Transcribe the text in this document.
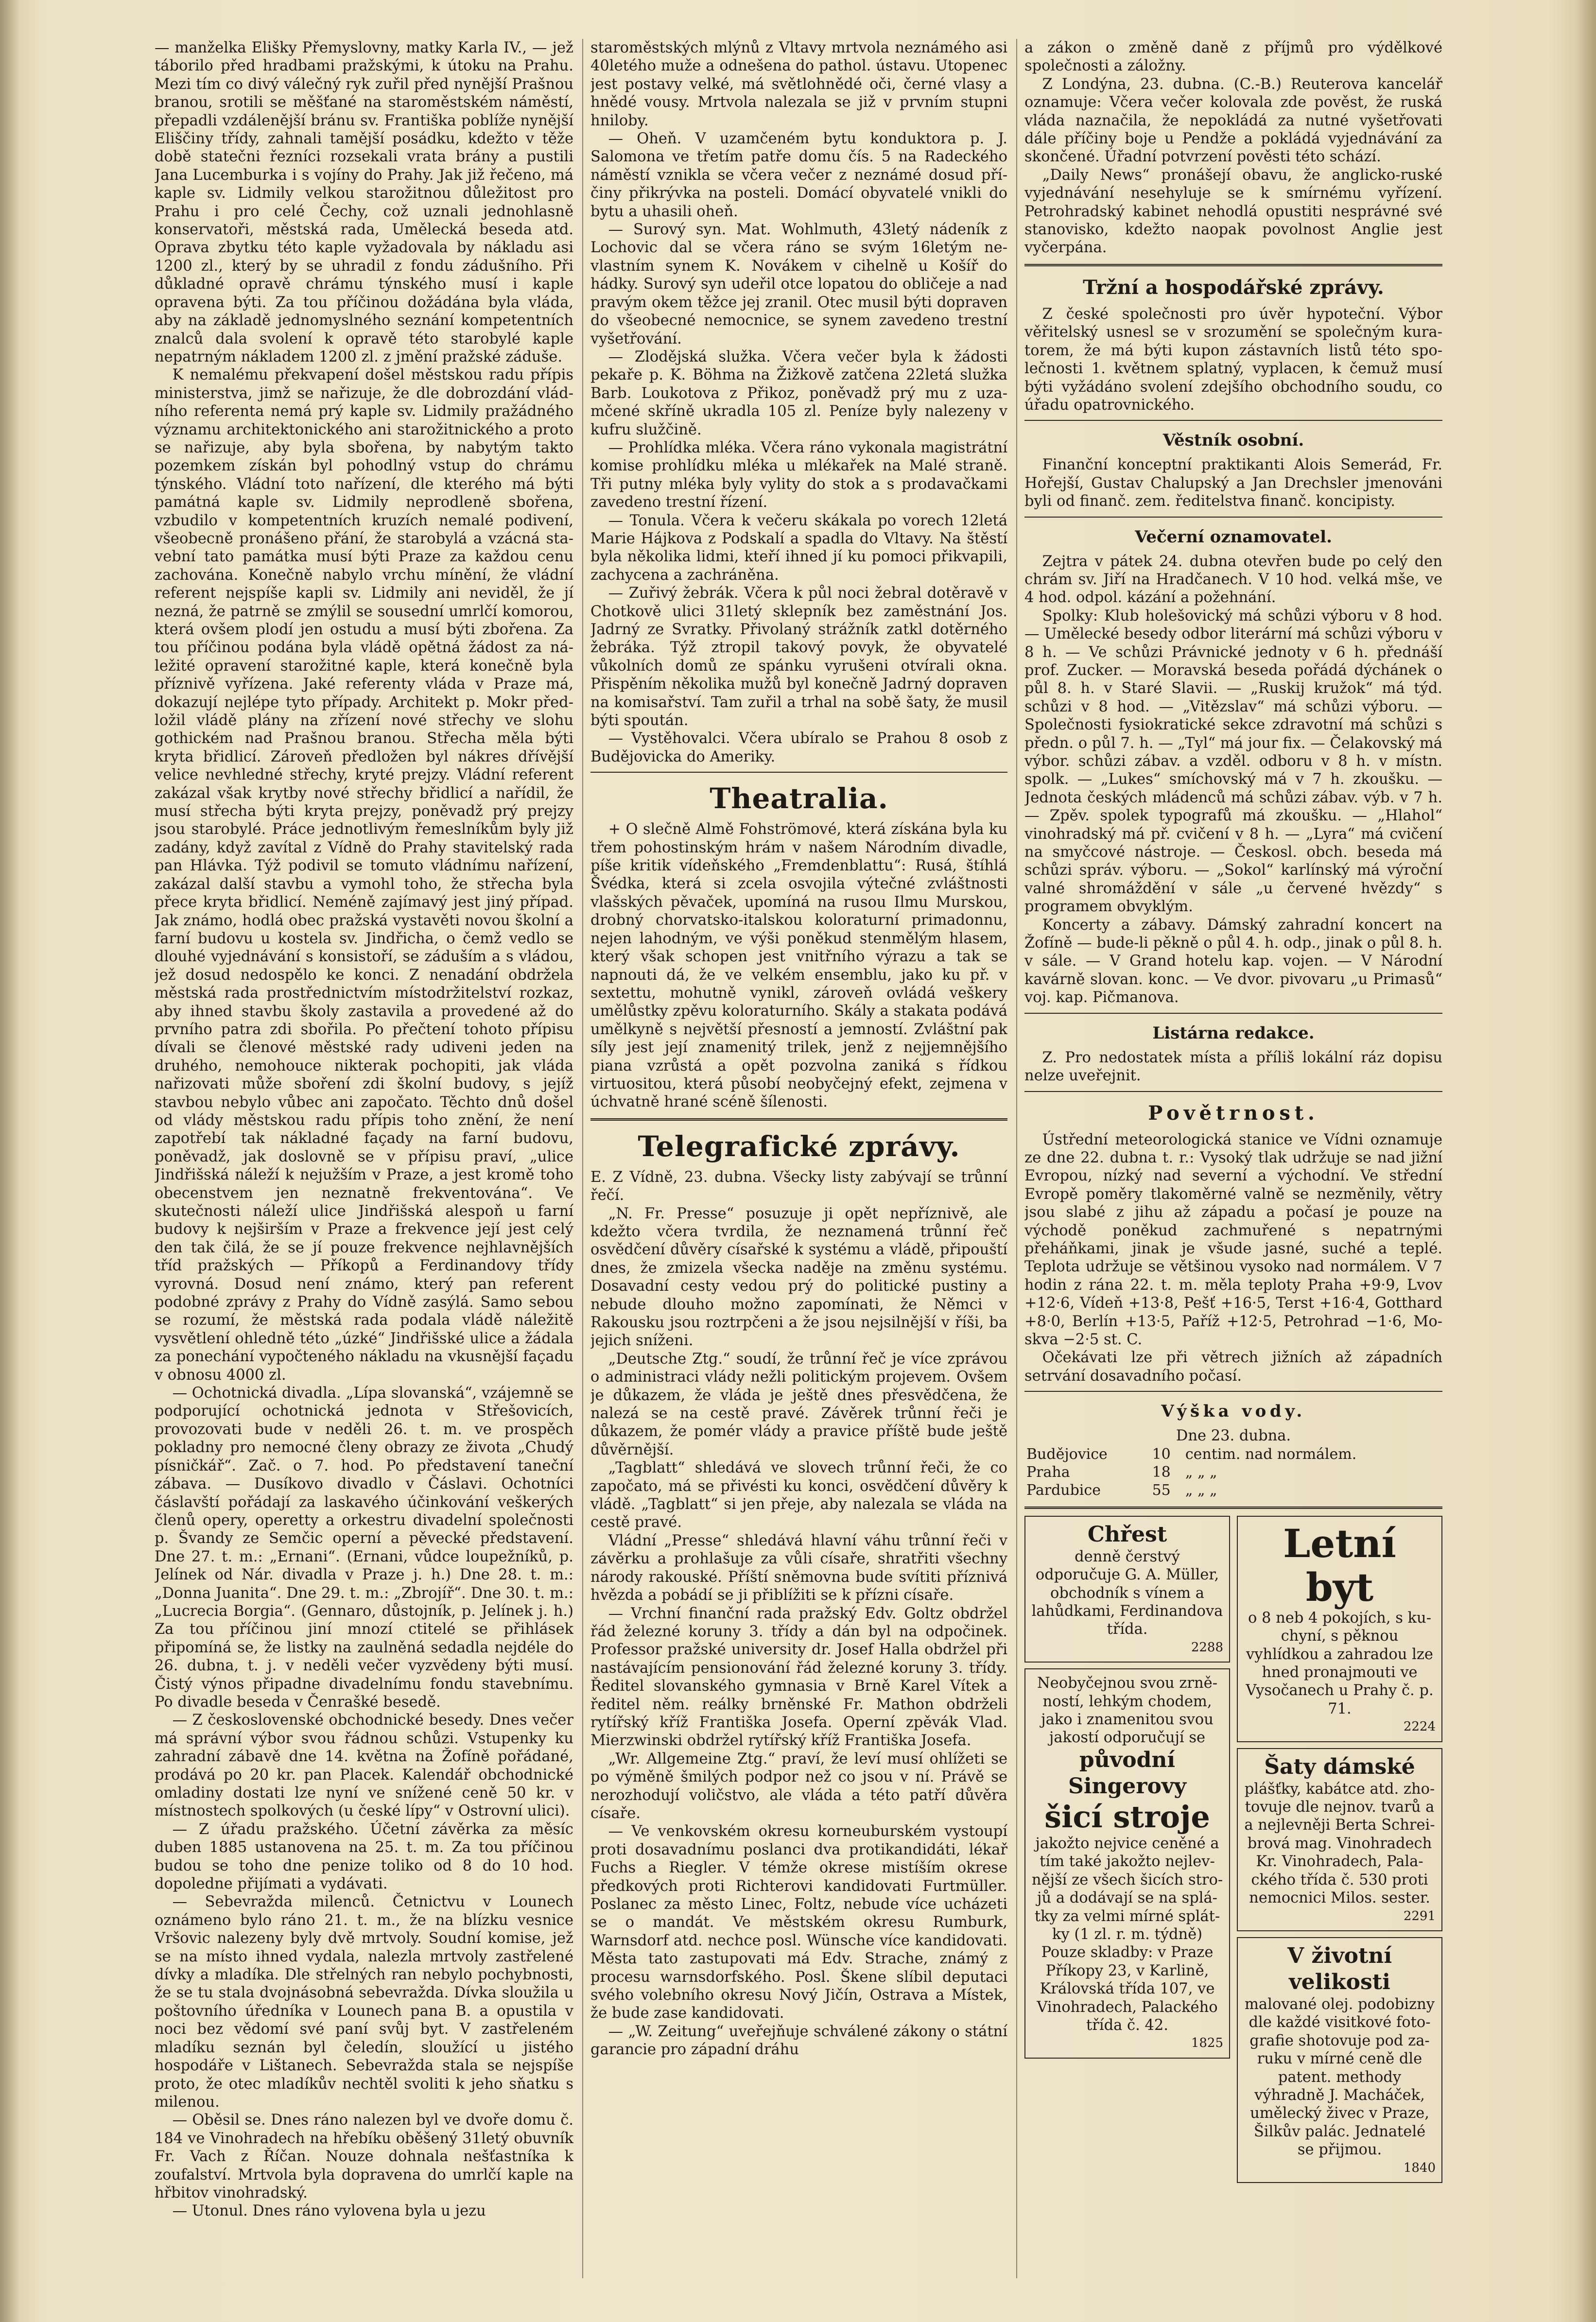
— manželka Elišky Přemyslovny, matky Karla IV., — jež táborilo před hradbami pražskými, k útoku na Prahu. Mezi tím co divý válečný ryk zuřil před nynější Prašnou branou, srotili se měšťané na staroměstském náměstí, přepadli vzdálenější bránu sv. Františka poblíže nynější Eliščiny třídy, zahnali tamější posádku, kdežto v těže době statečni řezníci rozsekali vrata brány a pustili Jana Lucemburka i s vojíny do Prahy. Jak již řečeno, má kaple sv. Lidmily velkou starožitnou důležitost pro Prahu i pro celé Čechy, což uznali jednohlasně konservatoři, městská rada, Umělecká beseda atd. Oprava zbytku této kaple vyžadovala by nákladu asi 1200 zl., který by se uhradil z fondu zádušního. Při důkladné opravě chrámu týnského musí i kaple opravena býti. Za tou příčinou dožádána byla vláda, aby na základě jednomyslného seznání kompetentních znalců dala svolení k opravě této starobylé kaple nepatrným nákladem 1200 zl. z jmění pražské záduše.

K nemalému překvapení došel městskou radu přípis ministerstva, jimž se nařizuje, že dle dobrozdání vládního referenta nemá prý kaple sv. Lidmily pražádného významu architektonického ani starožitnického a proto se nařizuje, aby byla sbořena, by nabytým takto pozemkem získán byl pohodlný vstup do chrámu týnského. Vládní toto nařízení, dle kterého má býti památná kaple sv. Lidmily neprodleně sbořena, vzbudilo v kompetentních kruzích nemalé podivení, všeobecně pronášeno přání, že starobylá a vzácná stavební tato památka musí býti Praze za každou cenu zachována. Konečně nabylo vrchu mínění, že vládní referent nejspíše kapli sv. Lidmily ani neviděl, že jí nezná, že patrně se zmýlil se sousední umrlčí komorou, která ovšem plodí jen ostudu a musí býti zbořena. Za tou příčinou podána byla vládě opětná žádost za náležité opravení starožitné kaple, která konečně byla příznivě vyřízena. Jaké referenty vláda v Praze má, dokazují nejlépe tyto případy. Architekt p. Mokr předložil vládě plány na zřízení nové střechy ve slohu gothickém nad Prašnou branou. Střecha měla býti kryta břidlicí. Zároveň předložen byl nákres dřívější velice nevhledné střechy, kryté prejzy. Vládní referent zakázal však krytby nové střechy břidlicí a nařídil, že musí střecha býti kryta prejzy, poněvadž prý prejzy jsou starobylé. Práce jednotlivým řemeslníkům byly již zadány, když zavítal z Vídně do Prahy stavitelský rada pan Hlávka. Týž podivil se tomuto vládnímu nařízení, zakázal další stavbu a vymohl toho, že střecha byla přece kryta břidlicí. Neméně zajímavý jest jiný případ. Jak známo, hodlá obec pražská vystavěti novou školní a farní budovu u kostela sv. Jindřicha, o čemž vedlo se dlouhé vyjednávání s konsistoří, se záduším a s vládou, jež dosud nedospělo ke konci. Z nenadání obdržela městská rada prostřednictvím místodržitelství rozkaz, aby ihned stavbu školy zastavila a provedené až do prvního patra zdi sbořila. Po přečtení tohoto přípisu dívali se členové městské rady udiveni jeden na druhého, nemohouce nikterak pochopiti, jak vláda nařizovati může sboření zdi školní budovy, s jejíž stavbou nebylo vůbec ani započato. Těchto dnů došel od vlády městskou radu přípis toho znění, že není zapotřebí tak nákladné façady na farní budovu, poněvadž, jak doslovně se v přípisu praví, „ulice Jindřišská náleží k nejužším v Praze, a jest kromě toho obecenstvem jen neznatně frekventována“. Ve skutečnosti náleží ulice Jindřišská alespoň u farní budovy k nejširším v Praze a frekvence její jest celý den tak čilá, že se jí pouze frekvence nejhlavnějších tříd pražských — Příkopů a Ferdinandovy třídy vyrovná. Dosud není známo, který pan referent podobné zprávy z Prahy do Vídně zasýlá. Samo sebou se rozumí, že městská rada podala vládě náležitě vysvětlení ohledně této „úzké“ Jindřišské ulice a žádala za ponechání vypočteného nákladu na vkusnější façadu v obnosu 4000 zl.

— Ochotnická divadla. „Lípa slovanská“, vzájemně se podporující ochotnická jednota v Střešovicích, provozovati bude v neděli 26. t. m. ve prospěch pokladny pro nemocné členy obrazy ze života „Chudý písničkář“. Zač. o 7. hod. Po představení taneční zábava. — Dusíkovo divadlo v Čáslavi. Ochotníci čáslavští pořádají za laskavého účinkování veškerých členů opery, operetty a orkestru divadelní společnosti p. Švandy ze Semčic operní a pěvecké představení. Dne 27. t. m.: „Ernani“. (Ernani, vůdce loupežníků, p. Jelínek od Nár. divadla v Praze j. h.) Dne 28. t. m.: „Donna Juanita“. Dne 29. t. m.: „Zbrojíř“. Dne 30. t. m.: „Lucrecia Borgia“. (Gennaro, důstojník, p. Jelínek j. h.) Za tou příčinou jiní mnozí ctitelé se přihlásek připomíná se, že listky na zaulněná sedadla nejdéle do 26. dubna, t. j. v neděli večer vyzvědeny býti musí. Čistý výnos připadne divadelnímu fondu stavebnímu. Po divadle beseda v Čenrašké besedě.

— Z československé obchodnické besedy. Dnes večer má správní výbor svou řádnou schůzi. Vstupenky ku zahradní zábavě dne 14. května na Žofíně pořádané, prodává po 20 kr. pan Placek. Kalendář obchodnické omladiny dostati lze nyní ve snížené ceně 50 kr. v místnostech spolkových (u české lípy“ v Ostrovní ulici).

— Z úřadu pražského. Účetní závěrka za měsíc duben 1885 ustanovena na 25. t. m. Za tou příčinou budou se toho dne penize toliko od 8 do 10 hod. dopoledne přijímati a vydávati.

— Sebevražda milenců. Četnictvu v Lounech oznámeno bylo ráno 21. t. m., že na blízku vesnice Vršovic nalezeny byly dvě mrtvoly. Soudní komise, jež se na místo ihned vydala, nalezla mrtvoly zastřelené dívky a mladíka. Dle střelných ran nebylo pochybnosti, že se tu stala dvojnásobná sebevražda. Dívka sloužila u poštovního úředníka v Lounech pana B. a opustila v noci bez vědomí své paní svůj byt. V zastřeleném mladíku seznán byl čeledín, sloužící u jistého hospodáře v Lištanech. Sebevražda stala se nejspíše proto, že otec mladíkův nechtěl svoliti k jeho sňatku s milenou.

— Oběsil se. Dnes ráno nalezen byl ve dvoře domu č. 184 ve Vinohradech na hřebíku oběšený 31letý obuvník Fr. Vach z Říčan. Nouze dohnala nešťastníka k zoufalství. Mrtvola byla dopravena do umrlčí kaple na hřbitov vinohradský.

— Utonul. Dnes ráno vylovena byla u jezu

staroměstských mlýnů z Vltavy mrtvola neznámého asi 40letého muže a odnešena do pathol. ústavu. Utopenec jest postavy velké, má světlohnědé oči, černé vlasy a hnědé vousy. Mrtvola nalezala se již v prvním stupni hniloby.

— Oheň. V uzamčeném bytu konduktora p. J. Salomona ve třetím patře domu čís. 5 na Radeckého náměstí vznikla se včera večer z neznámé dosud příčiny přikrývka na posteli. Domácí obyvatelé vnikli do bytu a uhasili oheň.

— Surový syn. Mat. Wohlmuth, 43letý nádeník z Lochovic dal se včera ráno se svým 16letým nevlastním synem K. Novákem v cihelně u Košíř do hádky. Surový syn udeřil otce lopatou do obličeje a nad pravým okem těžce jej zranil. Otec musil býti dopraven do všeobecné nemocnice, se synem zavedeno trestní vyšetřování.

— Zlodějská služka. Včera večer byla k žádosti pekaře p. K. Böhma na Žižkově zatčena 22letá služka Barb. Loukotova z Přikoz, poněvadž prý mu z uzamčené skříně ukradla 105 zl. Peníze byly nalezeny v kufru služčině.

— Prohlídka mléka. Včera ráno vykonala magistrátní komise prohlídku mléka u mlékařek na Malé straně. Tři putny mléka byly vylity do stok a s prodavačkami zavedeno trestní řízení.

— Tonula. Včera k večeru skákala po vorech 12letá Marie Hájkova z Podskalí a spadla do Vltavy. Na štěstí byla několika lidmi, kteří ihned jí ku pomoci přikvapili, zachycena a zachráněna.

— Zuřivý žebrák. Včera k půl noci žebral dotěravě v Chotkově ulici 31letý sklepník bez zaměstnání Jos. Jadrný ze Svratky. Přivolaný strážník zatkl dotěrného žebráka. Týž ztropil takový povyk, že obyvatelé vůkolních domů ze spánku vyrušeni otvírali okna. Přispěním několika mužů byl konečně Jadrný dopraven na komisařství. Tam zuřil a trhal na sobě šaty, že musil býti spoután.

— Vystěhovalci. Včera ubíralo se Prahou 8 osob z Budějovicka do Ameriky.

Theatralia.

+ O slečně Almě Fohströmové, která získána byla ku třem pohostinským hrám v našem Národním divadle, píše kritik vídeňského „Fremdenblattu“: Rusá, štíhlá Švédka, která si zcela osvojila výtečné zvláštnosti vlašských pěvaček, upomíná na rusou Ilmu Murskou, drobný chorvatsko-italskou koloraturní primadonnu, nejen lahodným, ve výši poněkud stenmělým hlasem, který však schopen jest vnitřního výrazu a tak se napnouti dá, že ve velkém ensemblu, jako ku př. v sextettu, mohutně vynikl, zároveň ovládá veškery umělůstky zpěvu koloraturního. Skály a stakata podává umělkyně s největší přesností a jemností. Zvláštní pak síly jest její znamenitý trilek, jenž z nejjemnějšího piana vzrůstá a opět pozvolna zaniká s řídkou virtuositou, která působí neobyčejný efekt, zejmena v úchvatně hrané scéně šílenosti.

Telegrafické zprávy.

E. Z Vídně, 23. dubna. Všecky listy zabývají se trůnní řečí.

„N. Fr. Presse“ posuzuje ji opět nepříznivě, ale kdežto včera tvrdila, že neznamená trůnní řeč osvědčení důvěry císařské k systému a vládě, připouští dnes, že zmizela všecka naděje na změnu systému. Dosavadní cesty vedou prý do politické pustiny a nebude dlouho možno zapomínati, že Němci v Rakousku jsou roztrpčeni a že jsou nejsilnější v říši, ba jejich sníženi.

„Deutsche Ztg.“ soudí, že trůnní řeč je více zprávou o administraci vlády nežli politickým projevem. Ovšem je důkazem, že vláda je ještě dnes přesvědčena, že nalezá se na cestě pravé. Závěrek trůnní řeči je důkazem, že pomér vlády a pravice příště bude ještě důvěrnější.

„Tagblatt“ shledává ve slovech trůnní řeči, že co započato, má se přivésti ku konci, osvědčení důvěry k vládě. „Tagblatt“ si jen přeje, aby nalezala se vláda na cestě pravé.

Vládní „Presse“ shledává hlavní váhu trůnní řeči v závěrku a prohlašuje za vůli císaře, shratřiti všechny národy rakouské. Příští sněmovna bude svítiti příznivá hvězda a pobádí se ji přiblížiti se k přízni císaře.

— Vrchní finanční rada pražský Edv. Goltz obdržel řád železné koruny 3. třídy a dán byl na odpočinek. Professor pražské university dr. Josef Halla obdržel při nastávajícím pensionování řád železné koruny 3. třídy. Ředitel slovanského gymnasia v Brně Karel Vítek a ředitel něm. reálky brněnské Fr. Mathon obdrželi rytířský kříž Františka Josefa. Operní zpěvák Vlad. Mierzwinski obdržel rytířský kříž Františka Josefa.

„Wr. Allgemeine Ztg.“ praví, že leví musí ohlížeti se po výměně šmilých podpor než co jsou v ní. Právě se nerozhodují voličstvo, ale vláda a této patří důvěra císaře.

— Ve venkovském okresu korneuburském vystoupí proti dosavadnímu poslanci dva protikandidáti, lékař Fuchs a Riegler. V témže okrese mistíším okrese předkových proti Richterovi kandidovati Furtmüller. Poslanec za město Linec, Foltz, nebude více ucházeti se o mandát. Ve městském okresu Rumburk, Warnsdorf atd. nechce posl. Wünsche více kandidovati. Města tato zastupovati má Edv. Strache, známý z procesu warnsdorfského. Posl. Škene slíbil deputaci svého volebního okresu Nový Jičín, Ostrava a Místek, že bude zase kandidovati.

— „W. Zeitung“ uveřejňuje schválené zákony o státní garancie pro západní dráhu

a zákon o změně daně z příjmů pro výdělkové společnosti a záložny.

Z Londýna, 23. dubna. (C.-B.) Reuterova kancelář oznamuje: Včera večer kolovala zde pověst, že ruská vláda naznačila, že nepokládá za nutné vyšetřovati dále příčiny boje u Pendže a pokládá vyjednávání za skončené. Úřadní potvrzení pověsti této schází.

„Daily News“ pronášejí obavu, že anglicko-ruské vyjednávání nesehyluje se k smírnému vyřízení. Petrohradský kabinet nehodlá opustiti nesprávné své stanovisko, kdežto naopak povolnost Anglie jest vyčerpána.

Tržní a hospodářské zprávy.

Z české společnosti pro úvěr hypoteční. Výbor věřitelský usnesl se v srozumění se společným kuratorem, že má býti kupon zástavních listů této společnosti 1. květnem splatný, vyplacen, k čemuž musí býti vyžádáno svolení zdejšího obchodního soudu, co úřadu opatrovnického.

Věstník osobní.

Finanční konceptní praktikanti Alois Semerád, Fr. Hořejší, Gustav Chalupský a Jan Drechsler jmenováni byli od finanč. zem. ředitelstva finanč. koncipisty.

Večerní oznamovatel.

Zejtra v pátek 24. dubna otevřen bude po celý den chrám sv. Jiří na Hradčanech. V 10 hod. velká mše, ve 4 hod. odpol. kázání a požehnání.

Spolky: Klub holešovický má schůzi výboru v 8 hod. — Umělecké besedy odbor literární má schůzi výboru v 8 h. — Ve schůzi Právnické jednoty v 6 h. přednáší prof. Zucker. — Moravská beseda pořádá dýchánek o půl 8. h. v Staré Slavii. — „Ruskij kružok“ má týd. schůzi v 8 hod. — „Vitězslav“ má schůzi výboru. — Společnosti fysiokratické sekce zdravotní má schůzi s předn. o půl 7. h. — „Tyl“ má jour fix. — Čelakovský má výbor. schůzi zábav. a vzděl. odboru v 8 h. v místn. spolk. — „Lukes“ smíchovský má v 7 h. zkoušku. — Jednota českých mládenců má schůzi zábav. výb. v 7 h. — Zpěv. spolek typografů má zkoušku. — „Hlahol“ vinohradský má př. cvičení v 8 h. — „Lyra“ má cvičení na smyčcové nástroje. — Českosl. obch. beseda má schůzi správ. výboru. — „Sokol“ karlínský má výroční valné shromáždění v sále „u červené hvězdy“ s programem obvyklým.

Koncerty a zábavy. Dámský zahradní koncert na Žofíně — bude-li pěkně o půl 4. h. odp., jinak o půl 8. h. v sále. — V Grand hotelu kap. vojen. — V Národní kavárně slovan. konc. — Ve dvor. pivovaru „u Primasů“ voj. kap. Pičmanova.

Listárna redakce.

Z. Pro nedostatek místa a příliš lokální ráz dopisu nelze uveřejnit.

Povětrnost.

Ústřední meteorologická stanice ve Vídni oznamuje ze dne 22. dubna t. r.: Vysoký tlak udržuje se nad jižní Evropou, nízký nad severní a východní. Ve střední Evropě poměry tlakoměrné valně se nezměnily, větry jsou slabé z jihu až západu a počasí je pouze na východě poněkud zachmuřené s nepatrnými přeháňkami, jinak je všude jasné, suché a teplé. Teplota udržuje se většinou vysoko nad normálem. V 7 hodin z rána 22. t. m. měla teploty Praha +9·9, Lvov +12·6, Vídeň +13·8, Pešť +16·5, Terst +16·4, Gotthard +8·0, Berlín +13·5, Paříž +12·5, Petrohrad −1·6, Moskva −2·5 st. C.

Očekávati lze při větrech jižních až západních setrvání dosavadního počasí.

Výška vody.
Dne 23. dubna.
Budějovice	10	centim. nad normálem.
Praha	18	„ „ „
Pardubice	55	„ „ „
Chřest
denně čerstvý odporučuje G. A. Müller, obchodník s vínem a lahůdkami, Ferdinandova třída.
2288
Neobyčejnou svou zrněností, lehkým chodem, jako i znamenitou svou jakostí odporučují se
původní Singerovy
šicí stroje
jakožto nejvice ceněné a tím také jakožto nejlevnější ze všech šicích strojů a dodávají se na splátky za velmi mírné splátky (1 zl. r. m. týdně) Pouze skladby: v Praze Příkopy 23, v Karlině, Královská třída 107, ve Vinohradech, Palackého třída č. 42.
1825
Letní byt
o 8 neb 4 pokojích, s kuchyní, s pěknou vyhlídkou a zahradou lze hned pronajmouti ve Vysočanech u Prahy č. p. 71.
2224
Šaty dámské
plášťky, kabátce atd. zhotovuje dle nejnov. tvarů a a nejlevněji Berta Schreibrová mag. Vinohradech Kr. Vinohradech, Palackého třída č. 530 proti nemocnici Milos. sester.
2291
V životní velikosti
malované olej. podobizny dle každé visitkové fotografie shotovuje pod zaruku v mírné ceně dle patent. methody výhradně J. Macháček, umělecký živec v Praze, Šilkův palác. Jednatelé se přijmou.
1840
